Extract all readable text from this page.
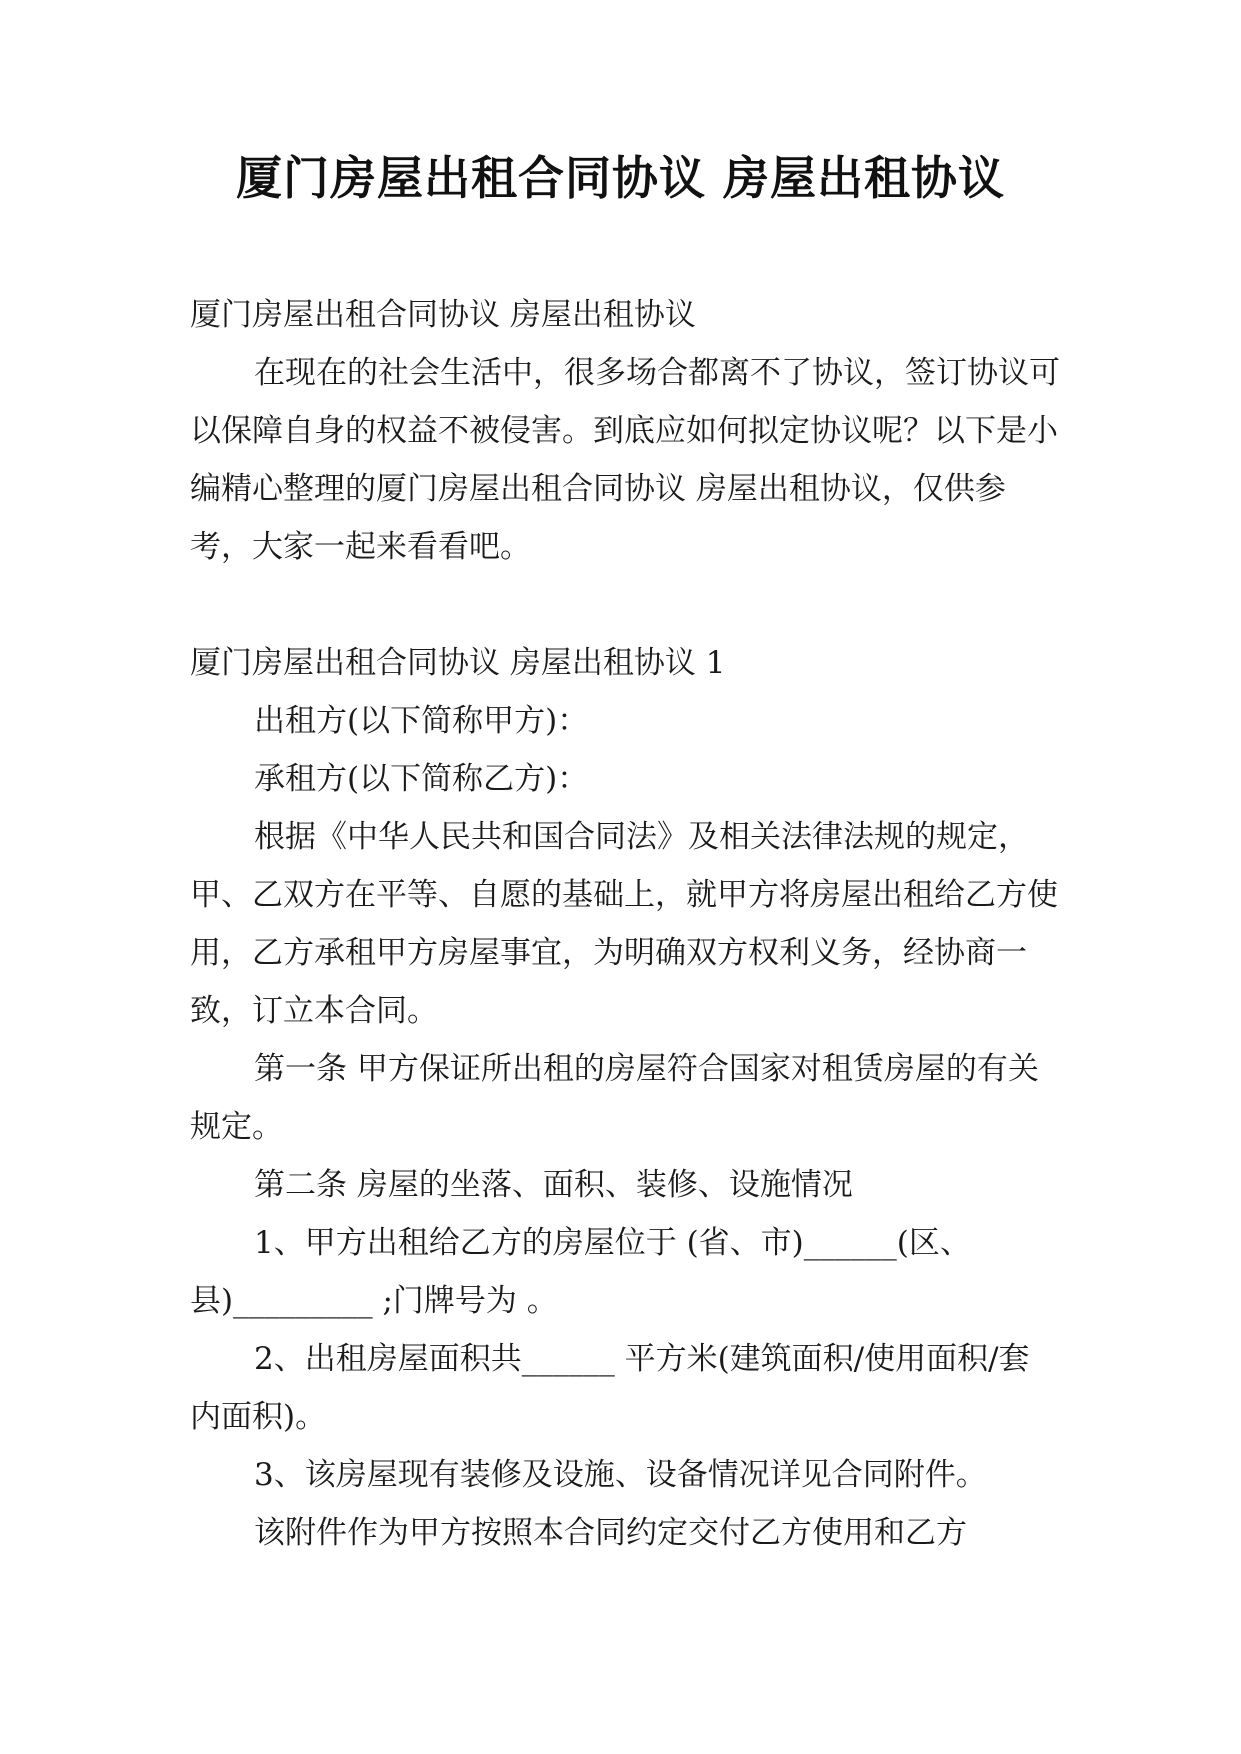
厦门房屋出租合同协议 房屋出租协议

厦门房屋出租合同协议 房屋出租协议

在现在的社会生活中，很多场合都离不了协议，签订协议可以保障自身的权益不被侵害。到底应如何拟定协议呢？以下是小编精心整理的厦门房屋出租合同协议 房屋出租协议，仅供参考，大家一起来看看吧。

厦门房屋出租合同协议 房屋出租协议 1

出租方(以下简称甲方)：

承租方(以下简称乙方)：

根据《中华人民共和国合同法》及相关法律法规的规定，甲、乙双方在平等、自愿的基础上，就甲方将房屋出租给乙方使用，乙方承租甲方房屋事宜，为明确双方权利义务，经协商一致，订立本合同。

第一条 甲方保证所出租的房屋符合国家对租赁房屋的有关规定。

第二条 房屋的坐落、面积、装修、设施情况

1、甲方出租给乙方的房屋位于 (省、市)______(区、县)_________ ;门牌号为 。

2、出租房屋面积共______ 平方米(建筑面积/使用面积/套内面积)。

3、该房屋现有装修及设施、设备情况详见合同附件。

该附件作为甲方按照本合同约定交付乙方使用和乙方
